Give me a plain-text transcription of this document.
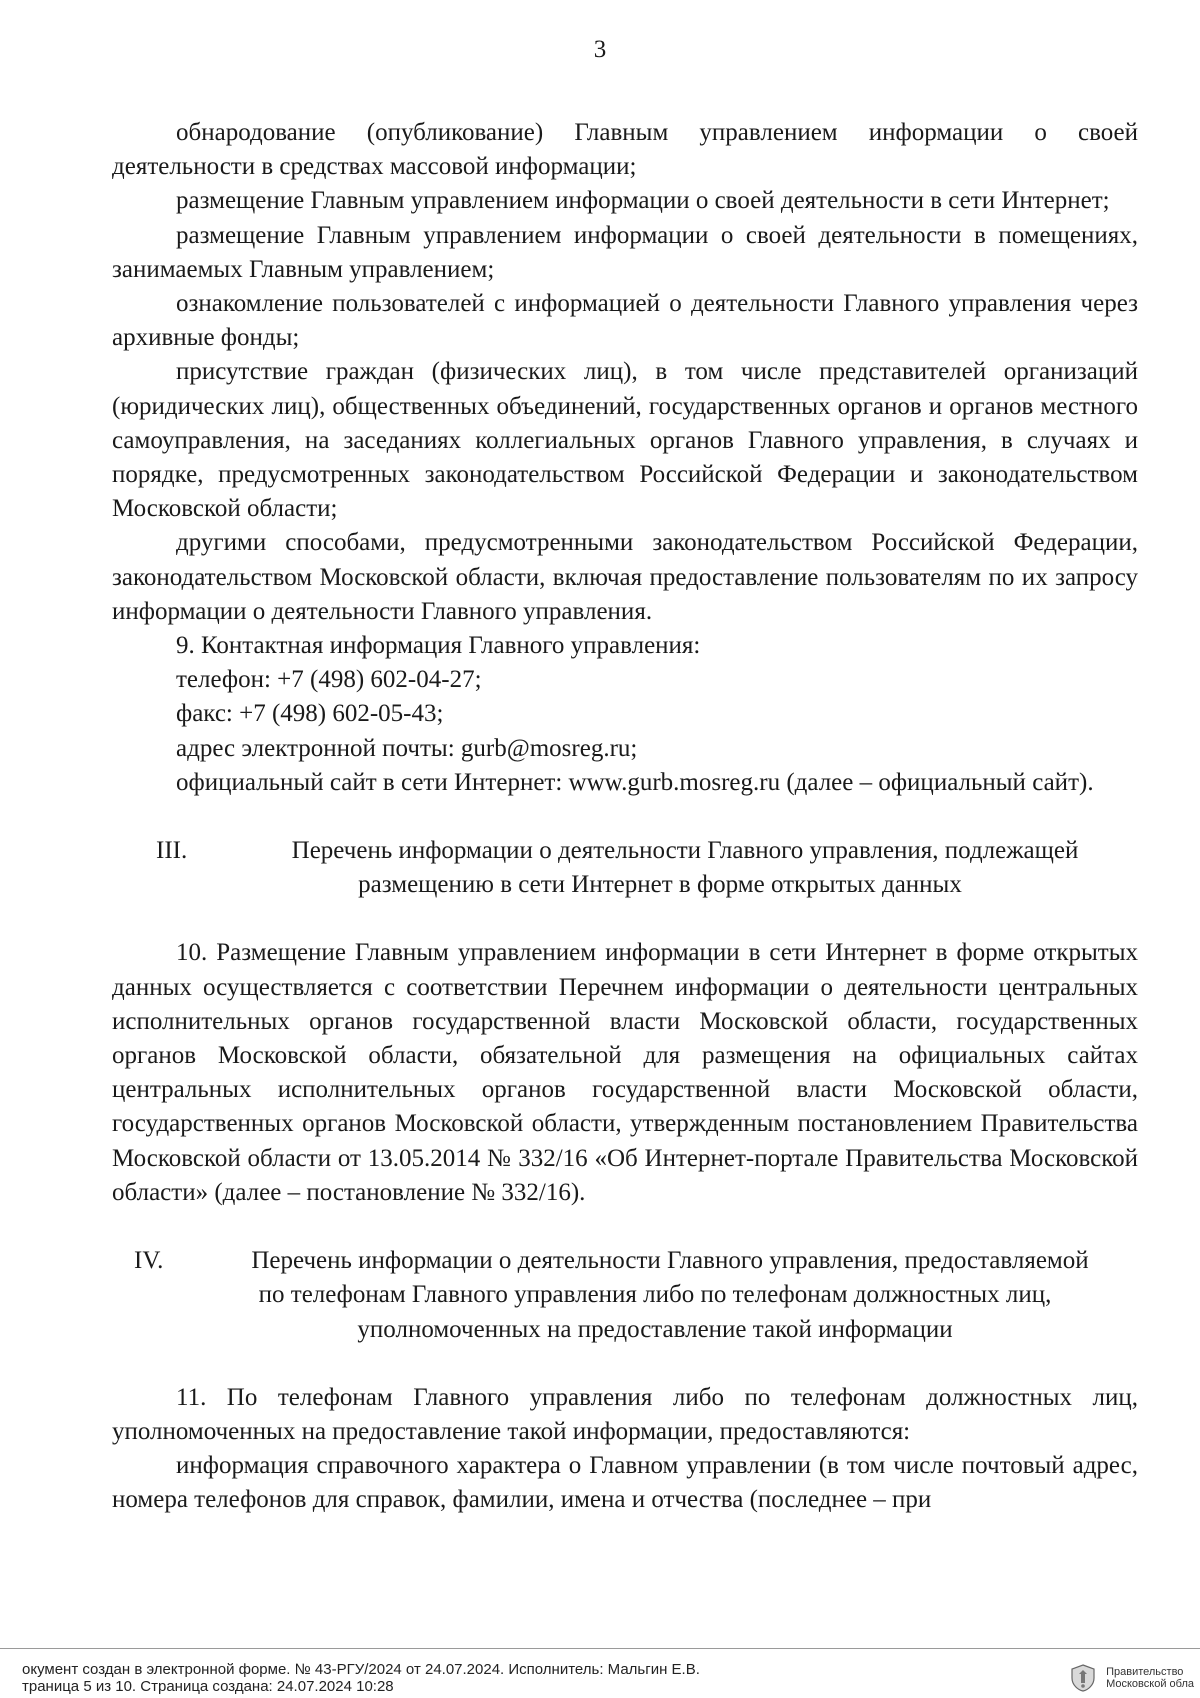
3

обнародование (опубликование) Главным управлением информации о своей деятельности в средствах массовой информации;

размещение Главным управлением информации о своей деятельности в сети Интернет;

размещение Главным управлением информации о своей деятельности в помещениях, занимаемых Главным управлением;

ознакомление пользователей с информацией о деятельности Главного управления через архивные фонды;

присутствие граждан (физических лиц), в том числе представителей организаций (юридических лиц), общественных объединений, государственных органов и органов местного самоуправления, на заседаниях коллегиальных органов Главного управления, в случаях и порядке, предусмотренных законодательством Российской Федерации и законодательством Московской области;

другими способами, предусмотренными законодательством Российской Федерации, законодательством Московской области, включая предоставление пользователям по их запросу информации о деятельности Главного управления.

9. Контактная информация Главного управления:

телефон: +7 (498) 602-04-27;

факс: +7 (498) 602-05-43;

адрес электронной почты: gurb@mosreg.ru;

официальный сайт в сети Интернет: www.gurb.mosreg.ru (далее – официальный сайт).

III.	Перечень информации о деятельности Главного управления, подлежащей
размещению в сети Интернет в форме открытых данных

10. Размещение Главным управлением информации в сети Интернет в форме открытых данных осуществляется с соответствии Перечнем информации о деятельности центральных исполнительных органов государственной власти Московской области, государственных органов Московской области, обязательной для размещения на официальных сайтах центральных исполнительных органов государственной власти Московской области, государственных органов Московской области, утвержденным постановлением Правительства Московской области от 13.05.2014 № 332/16 «Об Интернет-портале Правительства Московской области» (далее – постановление № 332/16).

IV.	Перечень информации о деятельности Главного управления, предоставляемой
по телефонам Главного управления либо по телефонам должностных лиц,
уполномоченных на предоставление такой информации

11. По телефонам Главного управления либо по телефонам должностных лиц, уполномоченных на предоставление такой информации, предоставляются:

информация справочного характера о Главном управлении (в том числе почтовый адрес, номера телефонов для справок, фамилии, имена и отчества (последнее – при

окумент создан в электронной форме. № 43-РГУ/2024 от 24.07.2024. Исполнитель: Мальгин Е.В.
траница 5 из 10. Страница создана: 24.07.2024 10:28
Правительство
Московской обла
